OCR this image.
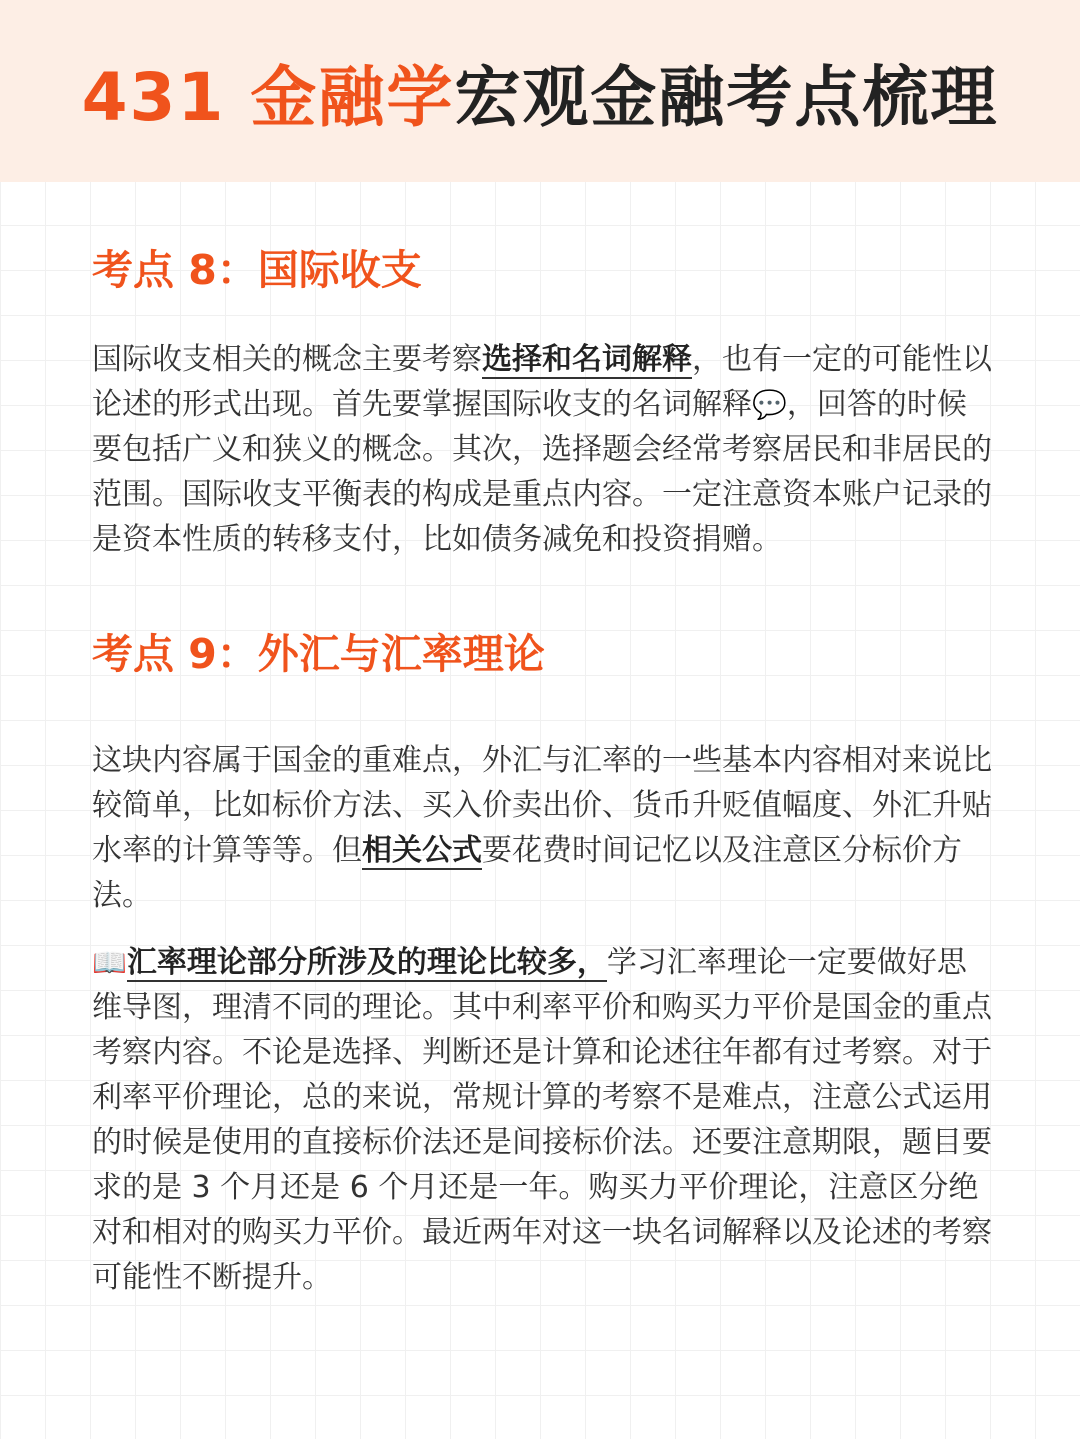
431 金融学宏观金融考点梳理
考点 8：国际收支

国际收支相关的概念主要考察选择和名词解释，也有一定的可能性以论述的形式出现。首先要掌握国际收支的名词解释💬，回答的时候要包括广义和狭义的概念。其次，选择题会经常考察居民和非居民的范围。国际收支平衡表的构成是重点内容。一定注意资本账户记录的是资本性质的转移支付，比如债务减免和投资捐赠。

考点 9：外汇与汇率理论

这块内容属于国金的重难点，外汇与汇率的一些基本内容相对来说比较简单，比如标价方法、买入价卖出价、货币升贬值幅度、外汇升贴水率的计算等等。但相关公式要花费时间记忆以及注意区分标价方法。

📖汇率理论部分所涉及的理论比较多，学习汇率理论一定要做好思维导图，理清不同的理论。其中利率平价和购买力平价是国金的重点考察内容。不论是选择、判断还是计算和论述往年都有过考察。对于利率平价理论，总的来说，常规计算的考察不是难点，注意公式运用的时候是使用的直接标价法还是间接标价法。还要注意期限，题目要求的是 3 个月还是 6 个月还是一年。购买力平价理论，注意区分绝对和相对的购买力平价。最近两年对这一块名词解释以及论述的考察可能性不断提升。
